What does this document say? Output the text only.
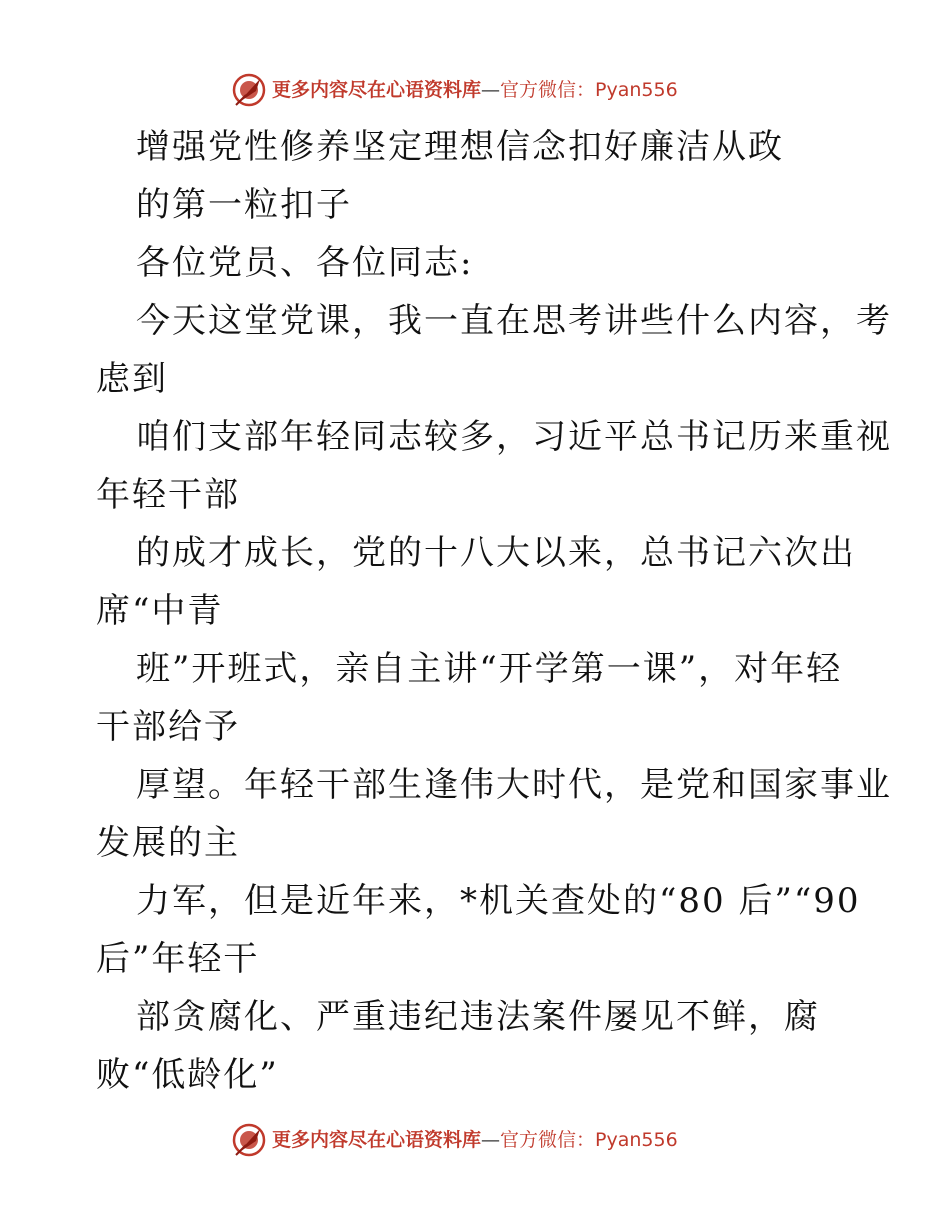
更多内容尽在心语资料库—官方微信：Pyan556
增强党性修养坚定理想信念扣好廉洁从政
的第一粒扣子
各位党员、各位同志:
今天这堂党课，我一直在思考讲些什么内容，考
虑到
咱们支部年轻同志较多，习近平总书记历来重视
年轻干部
的成才成长，党的十八大以来，总书记六次出
席“中青
班”开班式，亲自主讲“开学第一课”，对年轻
干部给予
厚望。年轻干部生逢伟大时代，是党和国家事业
发展的主
力军，但是近年来，*机关查处的“80 后”“90
后”年轻干
部贪腐化、严重违纪违法案件屡见不鲜，腐
败“低龄化”
更多内容尽在心语资料库—官方微信：Pyan556
